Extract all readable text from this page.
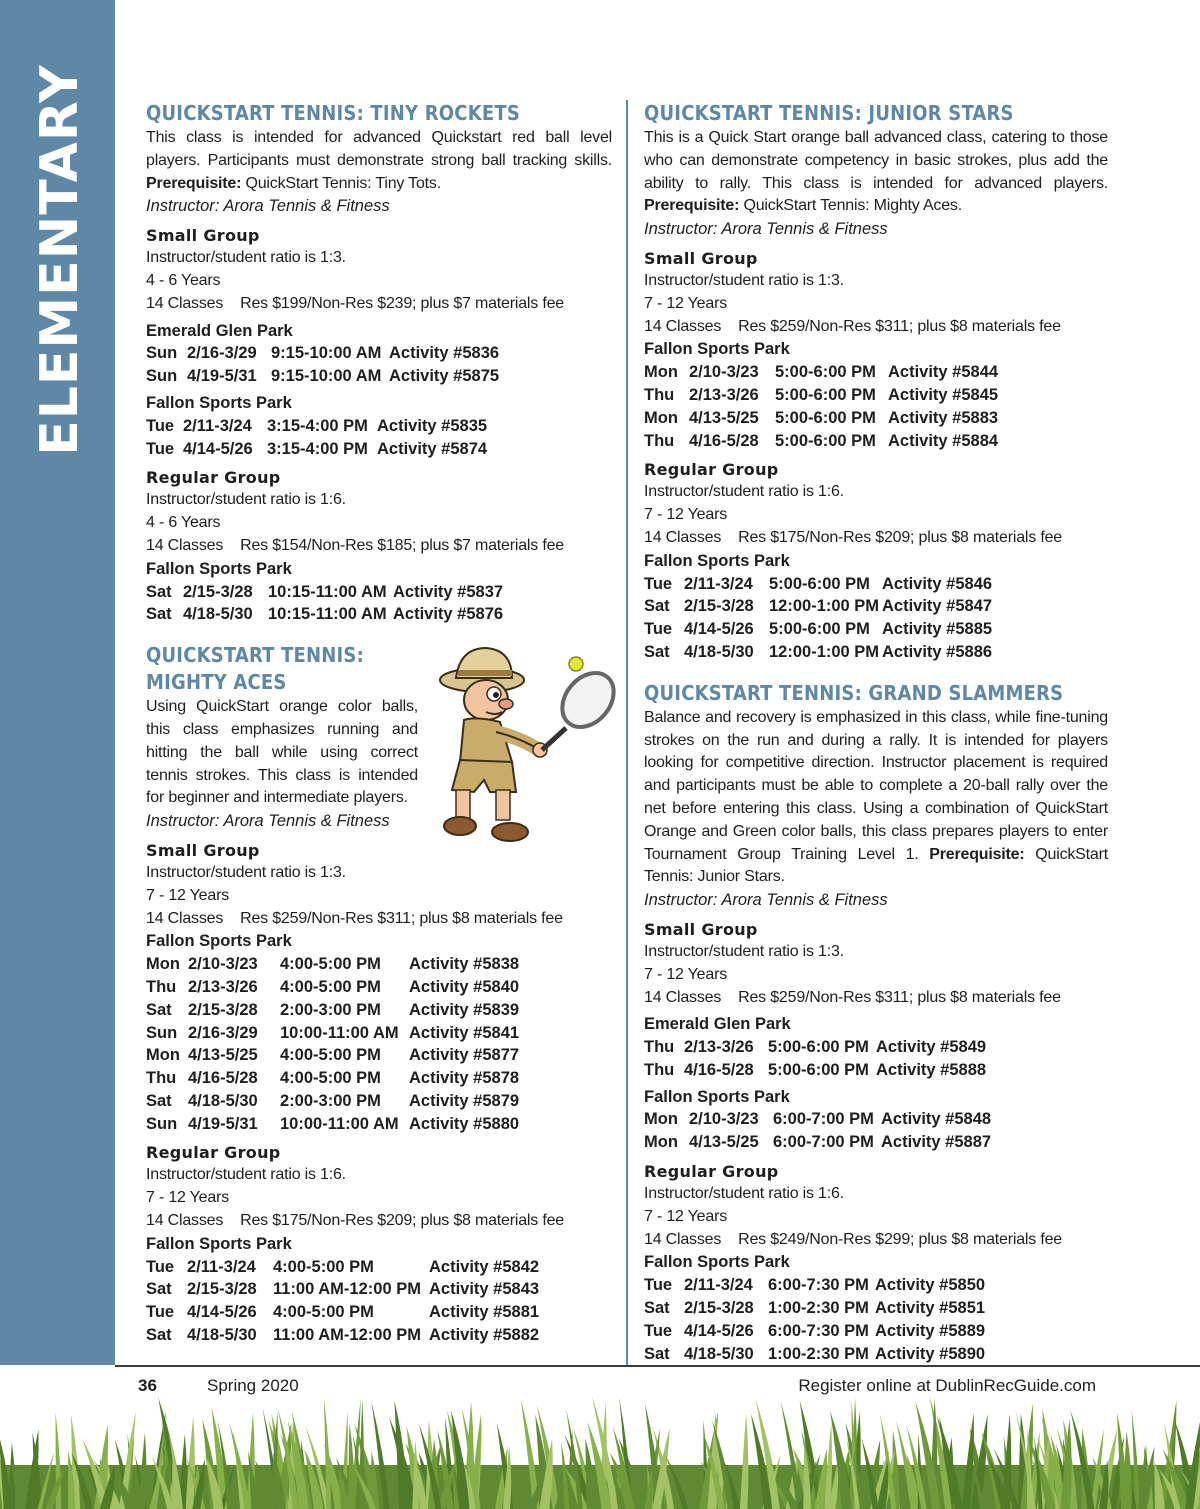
ELEMENTARY	QUICKSTART TENNIS: TINY ROCKETS
This class is intended for advanced Quickstart red ball level players. Participants must demonstrate strong ball tracking skills. Prerequisite: QuickStart Tennis: Tiny Tots.
Instructor: Arora Tennis & Fitness
Small Group
Instructor/student ratio is 1:3.
4 - 6 Years
14 Classes    Res $199/Non-Res $239; plus $7 materials fee
Emerald Glen Park
Sun 2/16-3/29 9:15-10:00 AM Activity #5836
Sun 4/19-5/31 9:15-10:00 AM Activity #5875
Fallon Sports Park
Tue 2/11-3/24 3:15-4:00 PM Activity #5835
Tue 4/14-5/26 3:15-4:00 PM Activity #5874
Regular Group
Instructor/student ratio is 1:6.
4 - 6 Years
14 Classes    Res $154/Non-Res $185; plus $7 materials fee
Fallon Sports Park
Sat 2/15-3/28 10:15-11:00 AM Activity #5837
Sat 4/18-5/30 10:15-11:00 AM Activity #5876
QUICKSTART TENNIS:
MIGHTY ACES
Using QuickStart orange color balls, this class emphasizes running and hitting the ball while using correct tennis strokes. This class is intended for beginner and intermediate players.
Instructor: Arora Tennis & Fitness
Small Group
Instructor/student ratio is 1:3.
7 - 12 Years
14 Classes    Res $259/Non-Res $311; plus $8 materials fee
Fallon Sports Park
Mon 2/10-3/23	4:00-5:00 PM	Activity #5838
Thu 2/13-3/26	4:00-5:00 PM	Activity #5840
Sat 2/15-3/28	2:00-3:00 PM	Activity #5839
Sun 2/16-3/29	10:00-11:00 AM Activity #5841
Mon 4/13-5/25	4:00-5:00 PM	Activity #5877
Thu 4/16-5/28	4:00-5:00 PM	Activity #5878
Sat 4/18-5/30	2:00-3:00 PM	Activity #5879
Sun 4/19-5/31	10:00-11:00 AM Activity #5880
Regular Group
Instructor/student ratio is 1:6.
7 - 12 Years
14 Classes    Res $175/Non-Res $209; plus $8 materials fee
Fallon Sports Park
Tue 2/11-3/24	4:00-5:00 PM	Activity #5842
Sat 2/15-3/28 11:00 AM-12:00 PM Activity #5843
Tue 4/14-5/26 4:00-5:00 PM	Activity #5881
Sat 4/18-5/30 11:00 AM-12:00 PM Activity #5882
QUICKSTART TENNIS: JUNIOR STARS
This is a Quick Start orange ball advanced class, catering to those who can demonstrate competency in basic strokes, plus add the ability to rally. This class is intended for advanced players. Prerequisite: QuickStart Tennis: Mighty Aces.
Instructor: Arora Tennis & Fitness
Small Group
Instructor/student ratio is 1:3.
7 - 12 Years
14 Classes    Res $259/Non-Res $311; plus $8 materials fee
Fallon Sports Park
Mon 2/10-3/23 5:00-6:00 PM Activity #5844
Thu 2/13-3/26 5:00-6:00 PM Activity #5845
Mon 4/13-5/25 5:00-6:00 PM Activity #5883
Thu 4/16-5/28 5:00-6:00 PM Activity #5884
Regular Group
Instructor/student ratio is 1:6.
7 - 12 Years
14 Classes    Res $175/Non-Res $209; plus $8 materials fee
Fallon Sports Park
Tue 2/11-3/24 5:00-6:00 PM Activity #5846
Sat 2/15-3/28 12:00-1:00 PM Activity #5847
Tue 4/14-5/26 5:00-6:00 PM Activity #5885
Sat 4/18-5/30 12:00-1:00 PM Activity #5886
QUICKSTART TENNIS: GRAND SLAMMERS
Balance and recovery is emphasized in this class, while fine-tuning strokes on the run and during a rally. It is intended for players looking for competitive direction. Instructor placement is required and participants must be able to complete a 20-ball rally over the net before entering this class. Using a combination of QuickStart Orange and Green color balls, this class prepares players to enter Tournament Group Training Level 1. Prerequisite: QuickStart Tennis: Junior Stars.
Instructor: Arora Tennis & Fitness
Small Group
Instructor/student ratio is 1:3.
7 - 12 Years
14 Classes    Res $259/Non-Res $311; plus $8 materials fee
Emerald Glen Park
Thu 2/13-3/26 5:00-6:00 PM Activity #5849
Thu 4/16-5/28 5:00-6:00 PM Activity #5888
Fallon Sports Park
Mon 2/10-3/23 6:00-7:00 PM Activity #5848
Mon 4/13-5/25 6:00-7:00 PM Activity #5887
Regular Group
Instructor/student ratio is 1:6.
7 - 12 Years
14 Classes    Res $249/Non-Res $299; plus $8 materials fee
Fallon Sports Park
Tue 2/11-3/24 6:00-7:30 PM Activity #5850
Sat 2/15-3/28 1:00-2:30 PM Activity #5851
Tue 4/14-5/26 6:00-7:30 PM Activity #5889
Sat 4/18-5/30 1:00-2:30 PM Activity #5890
36	Spring 2020	Register online at DublinRecGuide.com
